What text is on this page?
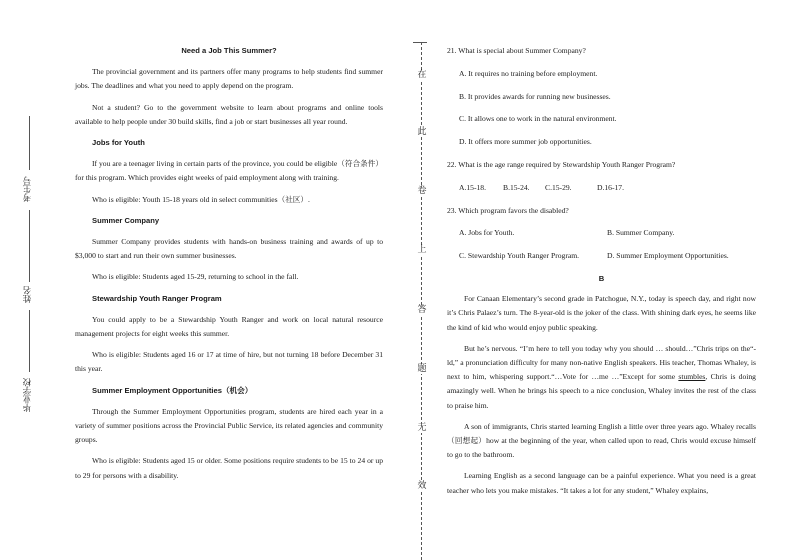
考生号
姓名
毕业学校
在
此
卷
上
答
题
无
效

Need a Job This Summer?

The provincial government and its partners offer many programs to help students find summer jobs. The deadlines and what you need to apply depend on the program.

Not a student? Go to the government website to learn about programs and online tools available to help people under 30 build skills, find a job or start businesses all year round.

Jobs for Youth

If you are a teenager living in certain parts of the province, you could be eligible（符合条件）for this program. Which provides eight weeks of paid employment along with training.

Who is eligible: Youth 15-18 years old in select communities（社区）.

Summer Company

Summer Company provides students with hands-on business training and awards of up to $3,000 to start and run their own summer businesses.

Who is eligible: Students aged 15-29, returning to school in the fall.

Stewardship Youth Ranger Program

You could apply to be a Stewardship Youth Ranger and work on local natural resource management projects for eight weeks this summer.

Who is eligible: Students aged 16 or 17 at time of hire, but not turning 18 before December 31 this year.

Summer Employment Opportunities（机会）

Through the Summer Employment Opportunities program, students are hired each year in a variety of summer positions across the Provincial Public Service, its related agencies and community groups.

Who is eligible: Students aged 15 or older. Some positions require students to be 15 to 24 or up to 29 for persons with a disability.

21. What is special about Summer Company?

A. It requires no training before employment.

B. It provides awards for running new businesses.

C. It allows one to work in the natural environment.

D. It offers more summer job opportunities.

22. What is the age range required by Stewardship Youth Ranger Program?

A.15-18.	B.15-24.	C.15-29.	D.16-17.

23. Which program favors the disabled?

A. Jobs for Youth.	B. Summer Company.
C. Stewardship Youth Ranger Program.	D. Summer Employment Opportunities.

B

For Canaan Elementary’s second grade in Patchogue, N.Y., today is speech day, and right now it’s Chris Palaez’s turn. The 8-year-old is the joker of the class. With shining dark eyes, he seems like the kind of kid who would enjoy public speaking.

But he’s nervous. “I’m here to tell you today why you should … should…”Chris trips on the“-ld,” a pronunciation difficulty for many non-native English speakers. His teacher, Thomas Whaley, is next to him, whispering support.“…Vote for …me …”Except for some stumbles, Chris is doing amazingly well. When he brings his speech to a nice conclusion, Whaley invites the rest of the class to praise him.

A son of immigrants, Chris started learning English a little over three years ago. Whaley recalls（回想起）how at the beginning of the year, when called upon to read, Chris would excuse himself to go to the bathroom.

Learning English as a second language can be a painful experience. What you need is a great teacher who lets you make mistakes. “It takes a lot for any student,” Whaley explains,
